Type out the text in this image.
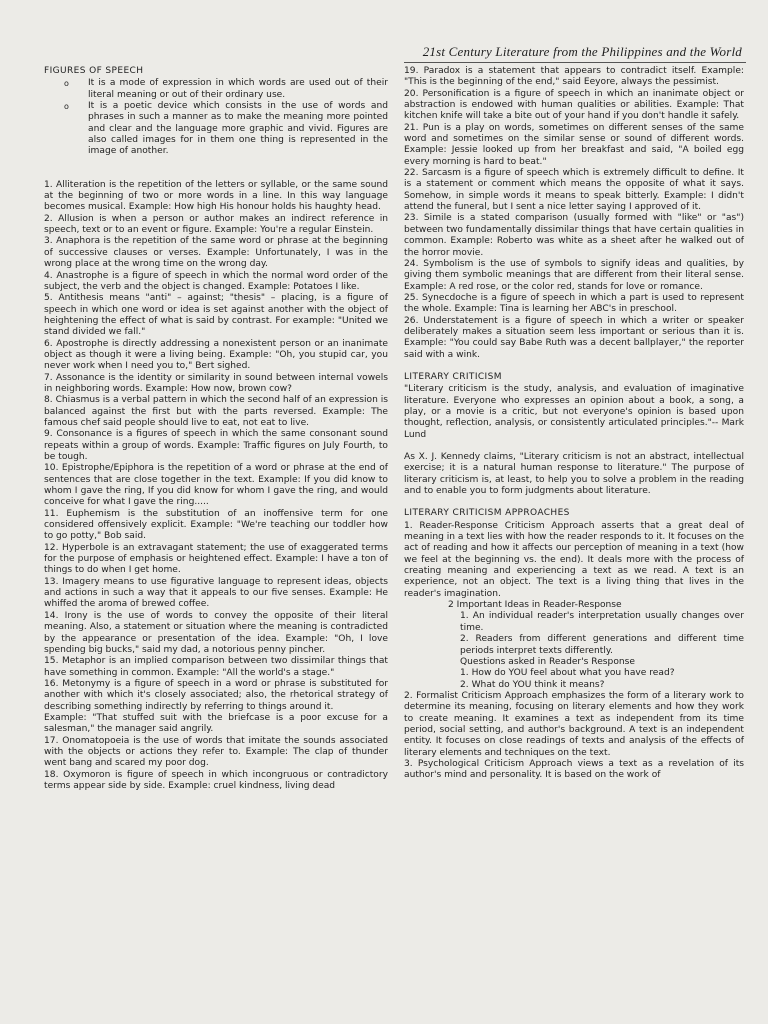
21st Century Literature from the Philippines and the World
FIGURES OF SPEECH
o It is a mode of expression in which words are used out of their literal meaning or out of their ordinary use.
o It is a poetic device which consists in the use of words and phrases in such a manner as to make the meaning more pointed and clear and the language more graphic and vivid. Figures are also called images for in them one thing is represented in the image of another.

1. Alliteration is the repetition of the letters or syllable, or the same sound at the beginning of two or more words in a line. In this way language becomes musical. Example: How high His honour holds his haughty head.

2. Allusion is when a person or author makes an indirect reference in speech, text or to an event or figure. Example: You're a regular Einstein.

3. Anaphora is the repetition of the same word or phrase at the beginning of successive clauses or verses. Example: Unfortunately, I was in the wrong place at the wrong time on the wrong day.

4. Anastrophe is a figure of speech in which the normal word order of the subject, the verb and the object is changed. Example: Potatoes I like.

5. Antithesis means "anti" – against; "thesis" – placing, is a figure of speech in which one word or idea is set against another with the object of heightening the effect of what is said by contrast. For example: "United we stand divided we fall."

6. Apostrophe is directly addressing a nonexistent person or an inanimate object as though it were a living being. Example: "Oh, you stupid car, you never work when I need you to," Bert sighed.

7. Assonance is the identity or similarity in sound between internal vowels in neighboring words. Example: How now, brown cow?

8. Chiasmus is a verbal pattern in which the second half of an expression is balanced against the first but with the parts reversed. Example: The famous chef said people should live to eat, not eat to live.

9. Consonance is a figures of speech in which the same consonant sound repeats within a group of words. Example: Traffic figures on July Fourth, to be tough.

10. Epistrophe/Epiphora is the repetition of a word or phrase at the end of sentences that are close together in the text. Example: If you did know to whom I gave the ring, If you did know for whom I gave the ring, and would conceive for what I gave the ring.....

11. Euphemism is the substitution of an inoffensive term for one considered offensively explicit. Example: "We're teaching our toddler how to go potty," Bob said.

12. Hyperbole is an extravagant statement; the use of exaggerated terms for the purpose of emphasis or heightened effect. Example: I have a ton of things to do when I get home.

13. Imagery means to use figurative language to represent ideas, objects and actions in such a way that it appeals to our five senses. Example: He whiffed the aroma of brewed coffee.

14. Irony is the use of words to convey the opposite of their literal meaning. Also, a statement or situation where the meaning is contradicted by the appearance or presentation of the idea. Example: "Oh, I love spending big bucks," said my dad, a notorious penny pincher.

15. Metaphor is an implied comparison between two dissimilar things that have something in common. Example: "All the world's a stage."

16. Metonymy is a figure of speech in a word or phrase is substituted for another with which it's closely associated; also, the rhetorical strategy of describing something indirectly by referring to things around it.

Example: "That stuffed suit with the briefcase is a poor excuse for a salesman," the manager said angrily.

17. Onomatopoeia is the use of words that imitate the sounds associated with the objects or actions they refer to. Example: The clap of thunder went bang and scared my poor dog.

18. Oxymoron is figure of speech in which incongruous or contradictory terms appear side by side. Example: cruel kindness, living dead

19. Paradox is a statement that appears to contradict itself. Example: "This is the beginning of the end," said Eeyore, always the pessimist.

20. Personification is a figure of speech in which an inanimate object or abstraction is endowed with human qualities or abilities. Example: That kitchen knife will take a bite out of your hand if you don't handle it safely.

21. Pun is a play on words, sometimes on different senses of the same word and sometimes on the similar sense or sound of different words. Example: Jessie looked up from her breakfast and said, "A boiled egg every morning is hard to beat."

22. Sarcasm is a figure of speech which is extremely difficult to define. It is a statement or comment which means the opposite of what it says. Somehow, in simple words it means to speak bitterly. Example: I didn't attend the funeral, but I sent a nice letter saying I approved of it.

23. Simile is a stated comparison (usually formed with "like" or "as") between two fundamentally dissimilar things that have certain qualities in common. Example: Roberto was white as a sheet after he walked out of the horror movie.

24. Symbolism is the use of symbols to signify ideas and qualities, by giving them symbolic meanings that are different from their literal sense. Example: A red rose, or the color red, stands for love or romance.

25. Synecdoche is a figure of speech in which a part is used to represent the whole. Example: Tina is learning her ABC's in preschool.

26. Understatement is a figure of speech in which a writer or speaker deliberately makes a situation seem less important or serious than it is. Example: "You could say Babe Ruth was a decent ballplayer," the reporter said with a wink.

LITERARY CRITICISM

"Literary criticism is the study, analysis, and evaluation of imaginative literature. Everyone who expresses an opinion about a book, a song, a play, or a movie is a critic, but not everyone's opinion is based upon thought, reflection, analysis, or consistently articulated principles."-- Mark Lund

As X. J. Kennedy claims, "Literary criticism is not an abstract, intellectual exercise; it is a natural human response to literature." The purpose of literary criticism is, at least, to help you to solve a problem in the reading and to enable you to form judgments about literature.

LITERARY CRITICISM APPROACHES

1. Reader-Response Criticism Approach asserts that a great deal of meaning in a text lies with how the reader responds to it. It focuses on the act of reading and how it affects our perception of meaning in a text (how we feel at the beginning vs. the end). It deals more with the process of creating meaning and experiencing a text as we read. A text is an experience, not an object. The text is a living thing that lives in the reader's imagination.

2 Important Ideas in Reader-Response

1. An individual reader's interpretation usually changes over time.

2. Readers from different generations and different time periods interpret texts differently.

Questions asked in Reader's Response

1. How do YOU feel about what you have read?

2. What do YOU think it means?

2. Formalist Criticism Approach emphasizes the form of a literary work to determine its meaning, focusing on literary elements and how they work to create meaning. It examines a text as independent from its time period, social setting, and author's background. A text is an independent entity. It focuses on close readings of texts and analysis of the effects of literary elements and techniques on the text.

3. Psychological Criticism Approach views a text as a revelation of its author's mind and personality. It is based on the work of
